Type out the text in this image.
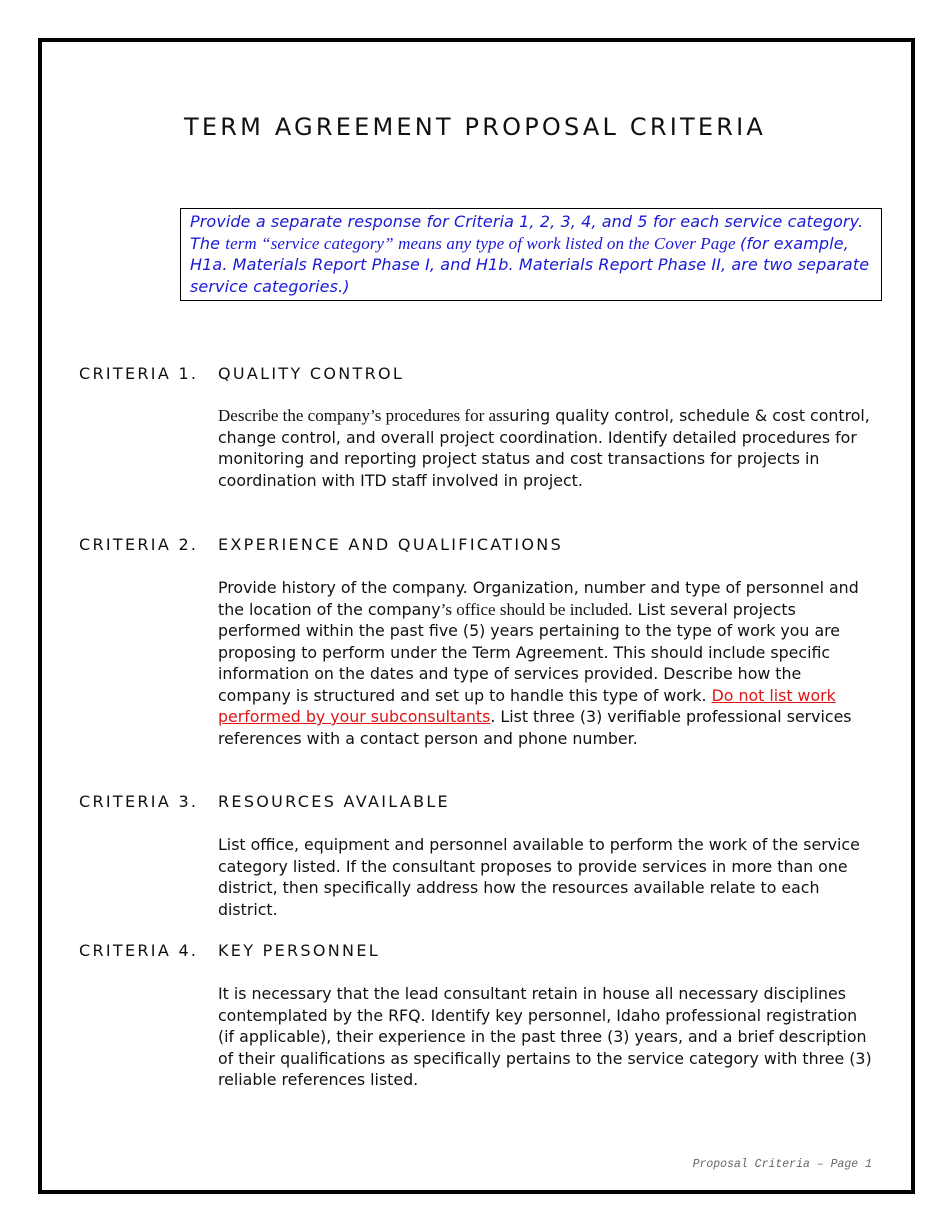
TERM AGREEMENT PROPOSAL CRITERIA
Provide a separate response for Criteria 1, 2, 3, 4, and 5 for each service category. The term “service category” means any type of work listed on the Cover Page (for example, H1a. Materials Report Phase I, and H1b. Materials Report Phase II, are two separate service categories.)
CRITERIA 1. QUALITY CONTROL

Describe the company’s procedures for assuring quality control, schedule & cost control, change control, and overall project coordination. Identify detailed procedures for monitoring and reporting project status and cost transactions for projects in coordination with ITD staff involved in project.

CRITERIA 2. EXPERIENCE AND QUALIFICATIONS

Provide history of the company. Organization, number and type of personnel and the location of the company’s office should be included. List several projects performed within the past five (5) years pertaining to the type of work you are proposing to perform under the Term Agreement. This should include specific information on the dates and type of services provided. Describe how the company is structured and set up to handle this type of work. Do not list work performed by your subconsultants. List three (3) verifiable professional services references with a contact person and phone number.

CRITERIA 3. RESOURCES AVAILABLE

List office, equipment and personnel available to perform the work of the service category listed. If the consultant proposes to provide services in more than one district, then specifically address how the resources available relate to each district.

CRITERIA 4. KEY PERSONNEL

It is necessary that the lead consultant retain in house all necessary disciplines contemplated by the RFQ. Identify key personnel, Idaho professional registration (if applicable), their experience in the past three (3) years, and a brief description of their qualifications as specifically pertains to the service category with three (3) reliable references listed.

Proposal Criteria – Page 1
